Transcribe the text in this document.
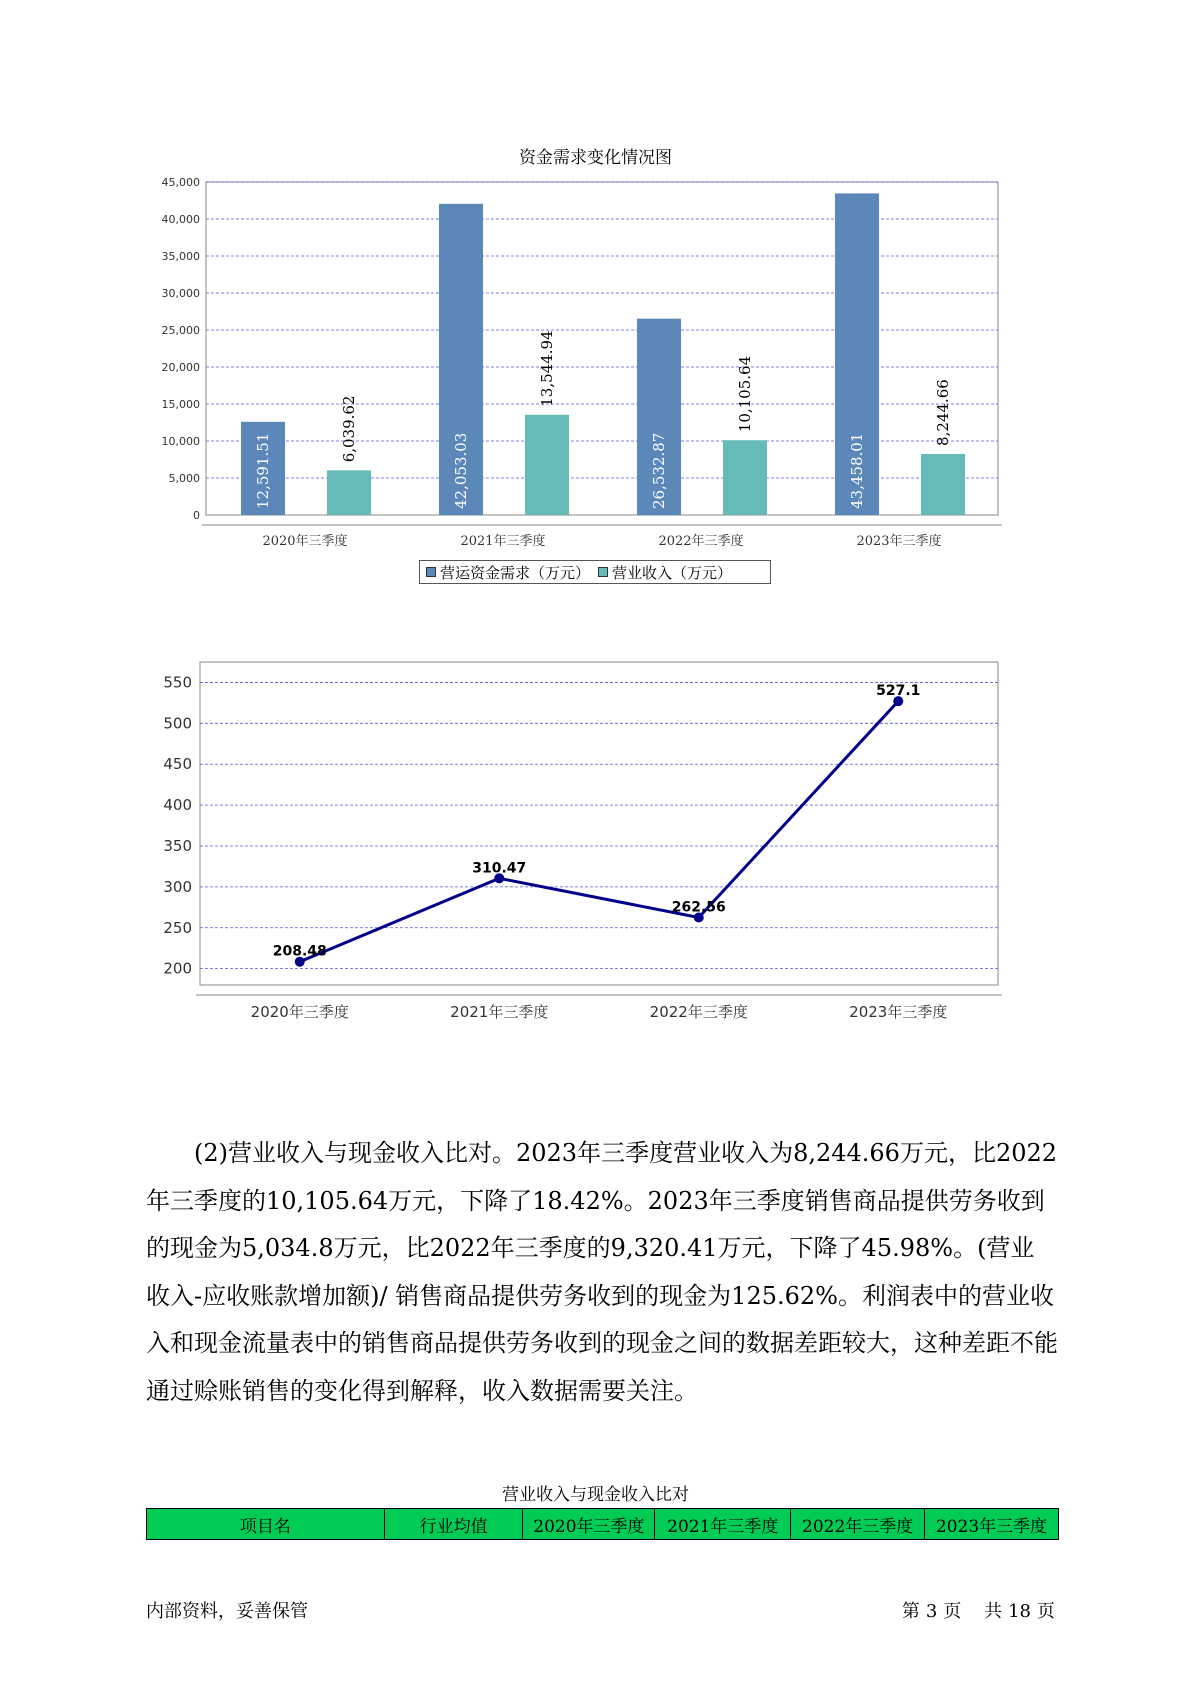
资金需求变化情况图
0
5,000
10,000
15,000
20,000
25,000
30,000
35,000
40,000
45,000
2020年三季度
12,591.51
6,039.62
2021年三季度
42,053.03
13,544.94
2022年三季度
26,532.87
10,105.64
2023年三季度
43,458.01
8,244.66
营运资金需求（万元） 营业收入（万元）
200
250
300
350
400
450
500
550
2020年三季度	2021年三季度	2022年三季度	2023年三季度
208.48
310.47
262.56
527.1

(2)营业收入与现金收入比对。2023年三季度营业收入为8,244.66万元，比2022年三季度的10,105.64万元，下降了18.42%。2023年三季度销售商品提供劳务收到的现金为5,034.8万元，比2022年三季度的9,320.41万元，下降了45.98%。(营业收入-应收账款增加额)/ 销售商品提供劳务收到的现金为125.62%。利润表中的营业收入和现金流量表中的销售商品提供劳务收到的现金之间的数据差距较大，这种差距不能通过赊账销售的变化得到解释，收入数据需要关注。

营业收入与现金收入比对
项目名	行业均值	2020年三季度	2021年三季度	2022年三季度	2023年三季度
内部资料，妥善保管	第 3 页 共 18 页
